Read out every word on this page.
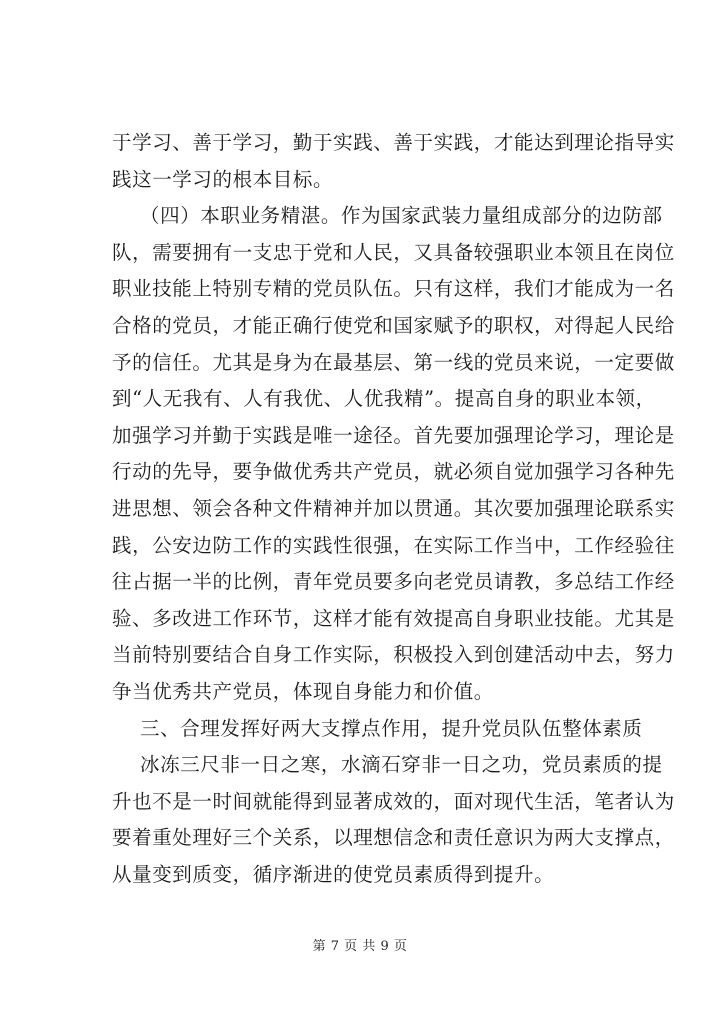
于学习、善于学习，勤于实践、善于实践，才能达到理论指导实
践这一学习的根本目标。
（四）本职业务精湛。作为国家武装力量组成部分的边防部
队，需要拥有一支忠于党和人民，又具备较强职业本领且在岗位
职业技能上特别专精的党员队伍。只有这样，我们才能成为一名
合格的党员，才能正确行使党和国家赋予的职权，对得起人民给
予的信任。尤其是身为在最基层、第一线的党员来说，一定要做
到“人无我有、人有我优、人优我精”。提高自身的职业本领，
加强学习并勤于实践是唯一途径。首先要加强理论学习，理论是
行动的先导，要争做优秀共产党员，就必须自觉加强学习各种先
进思想、领会各种文件精神并加以贯通。其次要加强理论联系实
践，公安边防工作的实践性很强，在实际工作当中，工作经验往
往占据一半的比例，青年党员要多向老党员请教，多总结工作经
验、多改进工作环节，这样才能有效提高自身职业技能。尤其是
当前特别要结合自身工作实际，积极投入到创建活动中去，努力
争当优秀共产党员，体现自身能力和价值。
三、合理发挥好两大支撑点作用，提升党员队伍整体素质
冰冻三尺非一日之寒，水滴石穿非一日之功，党员素质的提
升也不是一时间就能得到显著成效的，面对现代生活，笔者认为
要着重处理好三个关系，以理想信念和责任意识为两大支撑点，
从量变到质变，循序渐进的使党员素质得到提升。
第 7 页 共 9 页
